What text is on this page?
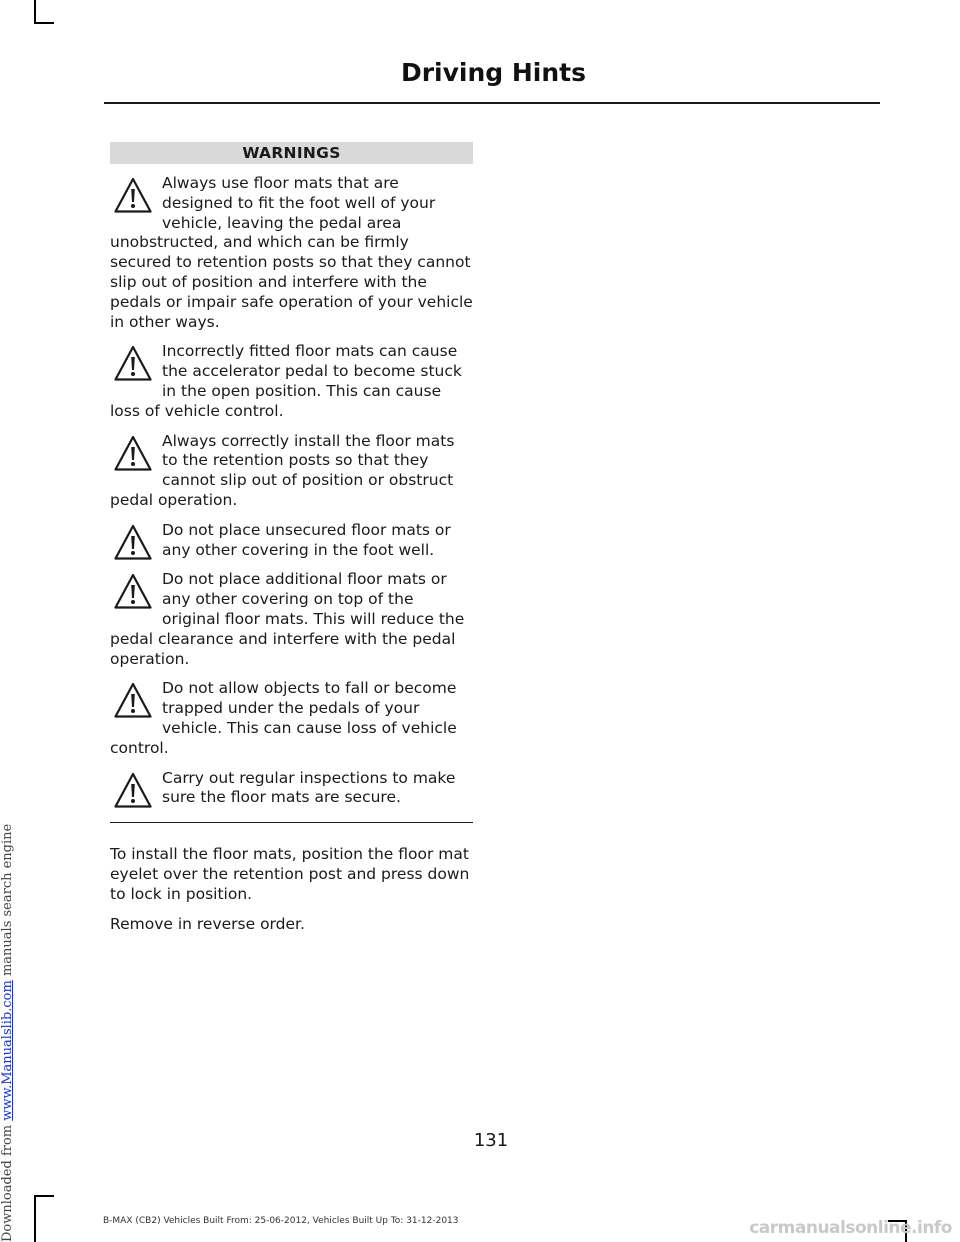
Driving Hints
WARNINGS

Always use floor mats that are designed to fit the foot well of your vehicle, leaving the pedal area unobstructed, and which can be firmly secured to retention posts so that they cannot slip out of position and interfere with the pedals or impair safe operation of your vehicle in other ways.

Incorrectly fitted floor mats can cause the accelerator pedal to become stuck in the open position. This can cause loss of vehicle control.

Always correctly install the floor mats to the retention posts so that they cannot slip out of position or obstruct pedal operation.

Do not place unsecured floor mats or any other covering in the foot well.

Do not place additional floor mats or any other covering on top of the original floor mats. This will reduce the pedal clearance and interfere with the pedal operation.

Do not allow objects to fall or become trapped under the pedals of your vehicle. This can cause loss of vehicle control.

Carry out regular inspections to make sure the floor mats are secure.

To install the floor mats, position the floor mat eyelet over the retention post and press down to lock in position.

Remove in reverse order.

131

B-MAX (CB2) Vehicles Built From: 25-06-2012, Vehicles Built Up To: 31-12-2013

Downloaded from www.Manualslib.com manuals search engine

carmanualsonline.info
